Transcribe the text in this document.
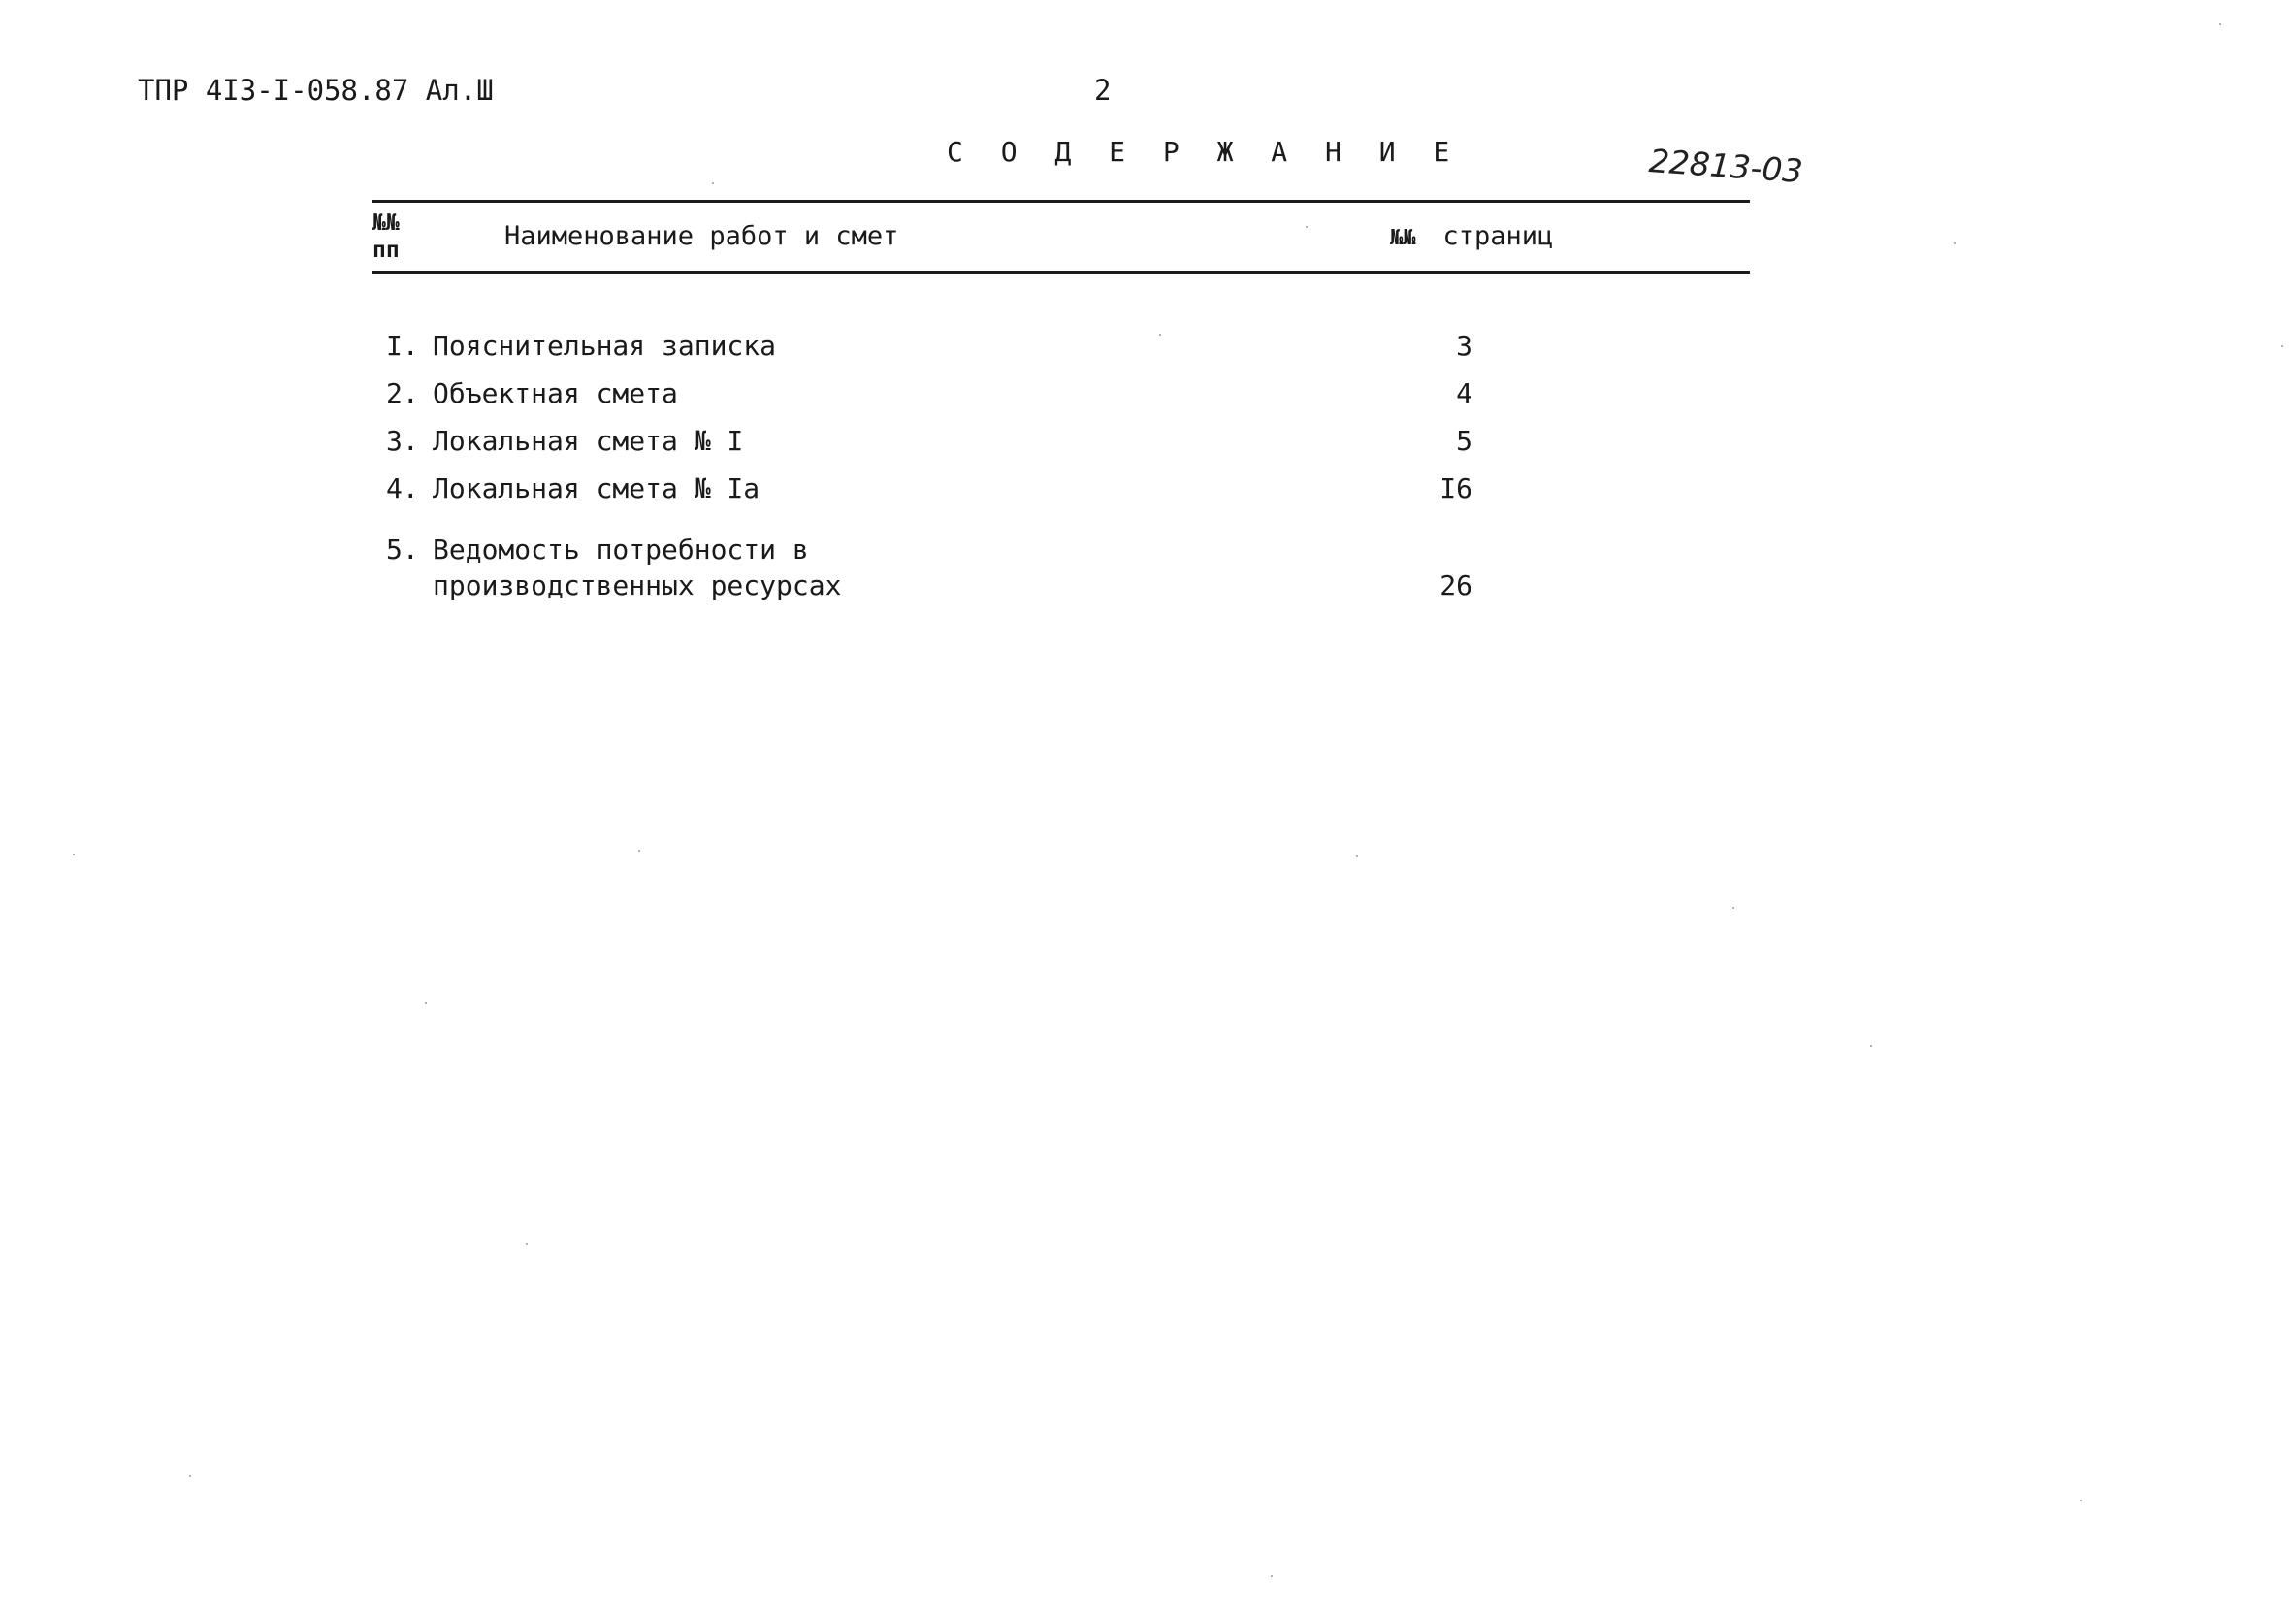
ТПР 4I3-I-058.87 Ал.Ш	2
С О Д Е Р Ж А Н И Е	22813-03
№№
пп	Наименование работ и смет	№№ страниц
I. Пояснительная записка	3
2. Объектная смета	4
3. Локальная смета № I	5
4. Локальная смета № Iа	I6
5. Ведомость потребности в
производственных ресурсах	26
